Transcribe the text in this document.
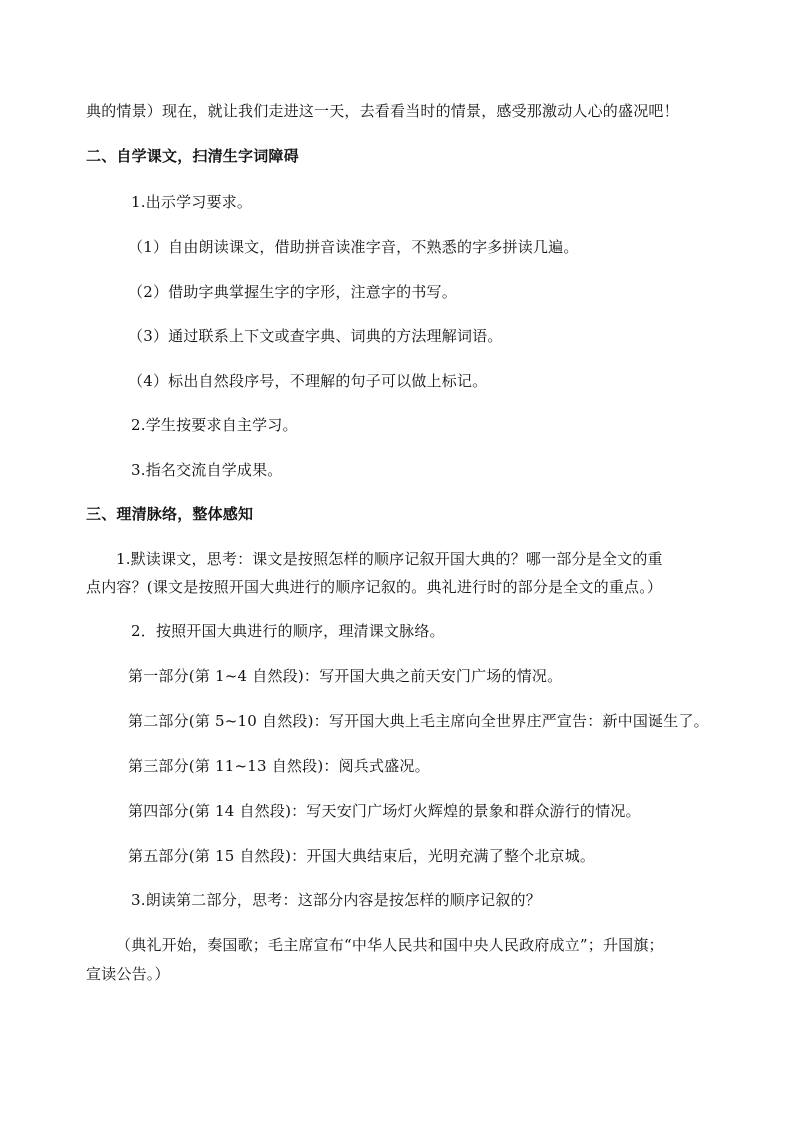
典的情景）现在，就让我们走进这一天，去看看当时的情景，感受那激动人心的盛况吧！
二、自学课文，扫清生字词障碍
1.出示学习要求。
（1）自由朗读课文，借助拼音读准字音，不熟悉的字多拼读几遍。
（2）借助字典掌握生字的字形，注意字的书写。
（3）通过联系上下文或查字典、词典的方法理解词语。
（4）标出自然段序号，不理解的句子可以做上标记。
2.学生按要求自主学习。
3.指名交流自学成果。
三、理清脉络，整体感知
1.默读课文，思考：课文是按照怎样的顺序记叙开国大典的？哪一部分是全文的重
点内容？(课文是按照开国大典进行的顺序记叙的。典礼进行时的部分是全文的重点。）
2．按照开国大典进行的顺序，理清课文脉络。
第一部分(第 1~4 自然段)：写开国大典之前天安门广场的情况。
第二部分(第 5~10 自然段)：写开国大典上毛主席向全世界庄严宣告：新中国诞生了。
第三部分(第 11~13 自然段)：阅兵式盛况。
第四部分(第 14 自然段)：写天安门广场灯火辉煌的景象和群众游行的情况。
第五部分(第 15 自然段)：开国大典结束后，光明充满了整个北京城。
3.朗读第二部分，思考：这部分内容是按怎样的顺序记叙的？
（典礼开始，奏国歌；毛主席宣布“中华人民共和国中央人民政府成立”；升国旗；
宣读公告。）
